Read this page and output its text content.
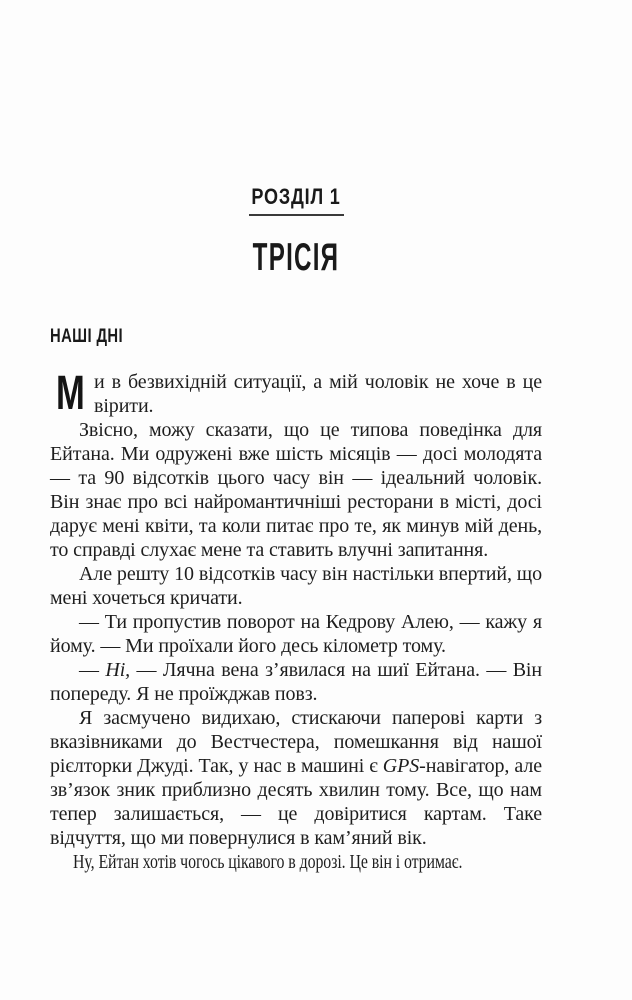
РОЗДІЛ 1
ТРІСІЯ
НАШІ ДНІ

Ми в безвихідній ситуації, а мій чоловік не хоче в це вірити.

Звісно, можу сказати, що це типова поведінка для Ейтана. Ми одружені вже шість місяців — досі молодята — та 90 відсотків цього часу він — ідеальний чоловік. Він знає про всі найромантичніші ресторани в місті, досі дарує мені квіти, та коли питає про те, як минув мій день, то справді слухає мене та ставить влучні запитання.

Але решту 10 відсотків часу він настільки впертий, що мені хочеться кричати.

— Ти пропустив поворот на Кедрову Алею, — кажу я йому. — Ми проїхали його десь кілометр тому.

— Ні, — Лячна вена з’явилася на шиї Ейтана. — Він попереду. Я не проїжджав повз.

Я засмучено видихаю, стискаючи паперові карти з вказівниками до Вестчестера, помешкання від нашої рієлторки Джуді. Так, у нас в машині є GPS-навігатор, але зв’язок зник приблизно десять хвилин тому. Все, що нам тепер залишається, — це довіритися картам. Таке відчуття, що ми повернулися в кам’яний вік.

Ну, Ейтан хотів чогось цікавого в дорозі. Це він і отримає.
